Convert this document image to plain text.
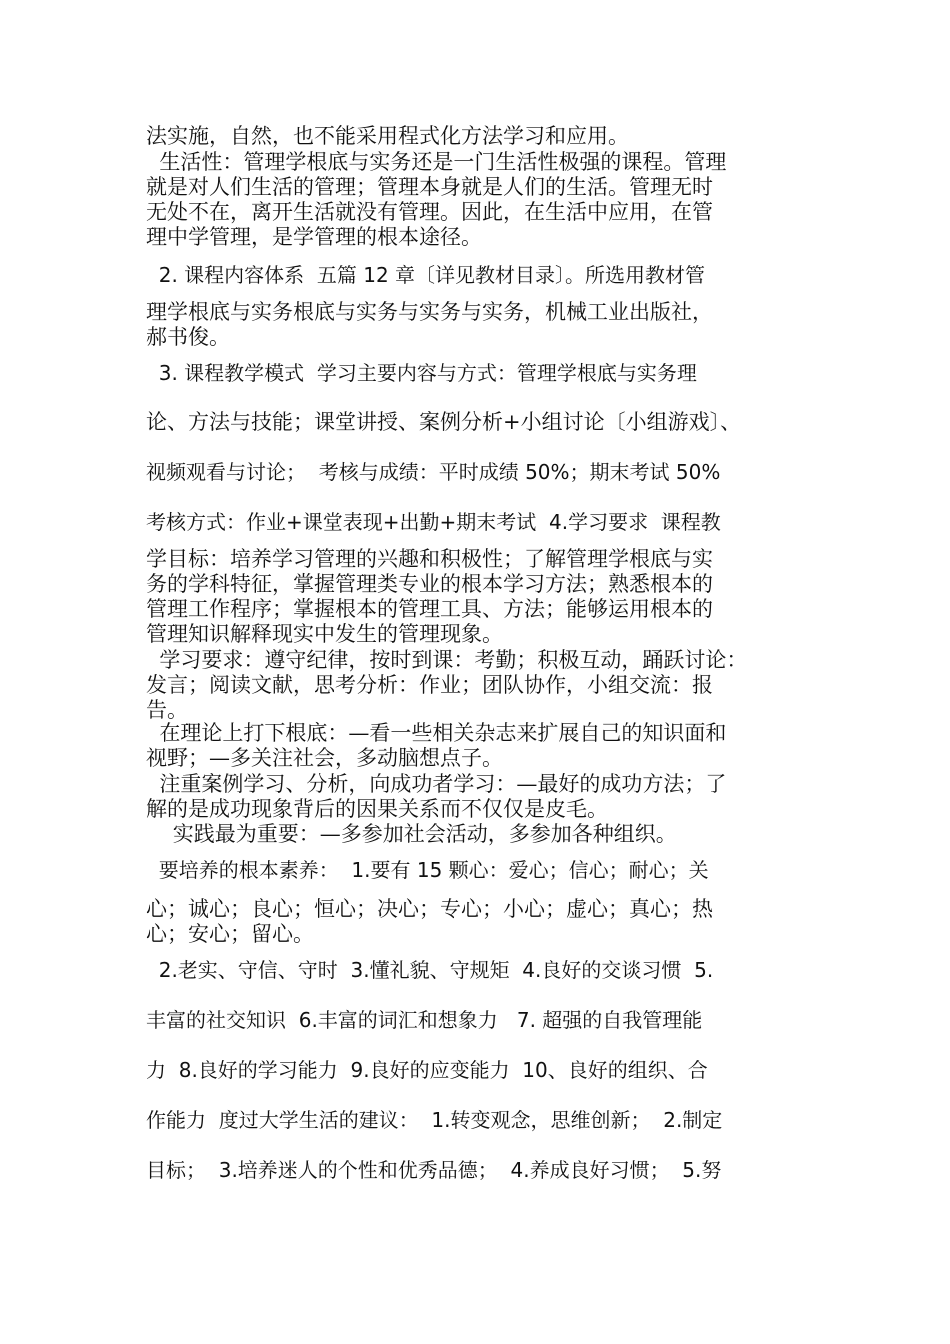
法实施，自然，也不能采用程式化方法学习和应用。

生活性：管理学根底与实务还是一门生活性极强的课程。管理

就是对人们生活的管理；管理本身就是人们的生活。管理无时

无处不在，离开生活就没有管理。因此，在生活中应用，在管

理中学管理，是学管理的根本途径。

2. 课程内容体系  五篇 12 章〔详见教材目录〕。所选用教材管

理学根底与实务根底与实务与实务与实务，机械工业出版社，

郝书俊。

3. 课程教学模式  学习主要内容与方式：管理学根底与实务理

论、方法与技能；课堂讲授、案例分析+小组讨论〔小组游戏〕、

视频观看与讨论；  考核与成绩：平时成绩 50%；期末考试 50%

考核方式：作业+课堂表现+出勤+期末考试  4.学习要求  课程教

学目标：培养学习管理的兴趣和积极性；了解管理学根底与实

务的学科特征，掌握管理类专业的根本学习方法；熟悉根本的

管理工作程序；掌握根本的管理工具、方法；能够运用根本的

管理知识解释现实中发生的管理现象。

学习要求：遵守纪律，按时到课：考勤；积极互动，踊跃讨论：

发言；阅读文献，思考分析：作业；团队协作，小组交流：报

告。

在理论上打下根底：—看一些相关杂志来扩展自己的知识面和

视野；—多关注社会，多动脑想点子。

注重案例学习、分析，向成功者学习：—最好的成功方法；了

解的是成功现象背后的因果关系而不仅仅是皮毛。

实践最为重要：—多参加社会活动，多参加各种组织。

要培养的根本素养：  1.要有 15 颗心：爱心；信心；耐心；关

心；诚心；良心；恒心；决心；专心；小心；虚心；真心；热

心；安心；留心。

2.老实、守信、守时  3.懂礼貌、守规矩  4.良好的交谈习惯  5.

丰富的社交知识  6.丰富的词汇和想象力   7. 超强的自我管理能

力  8.良好的学习能力  9.良好的应变能力  10、良好的组织、合

作能力  度过大学生活的建议：  1.转变观念，思维创新；  2.制定

目标；  3.培养迷人的个性和优秀品德；  4.养成良好习惯；  5.努
